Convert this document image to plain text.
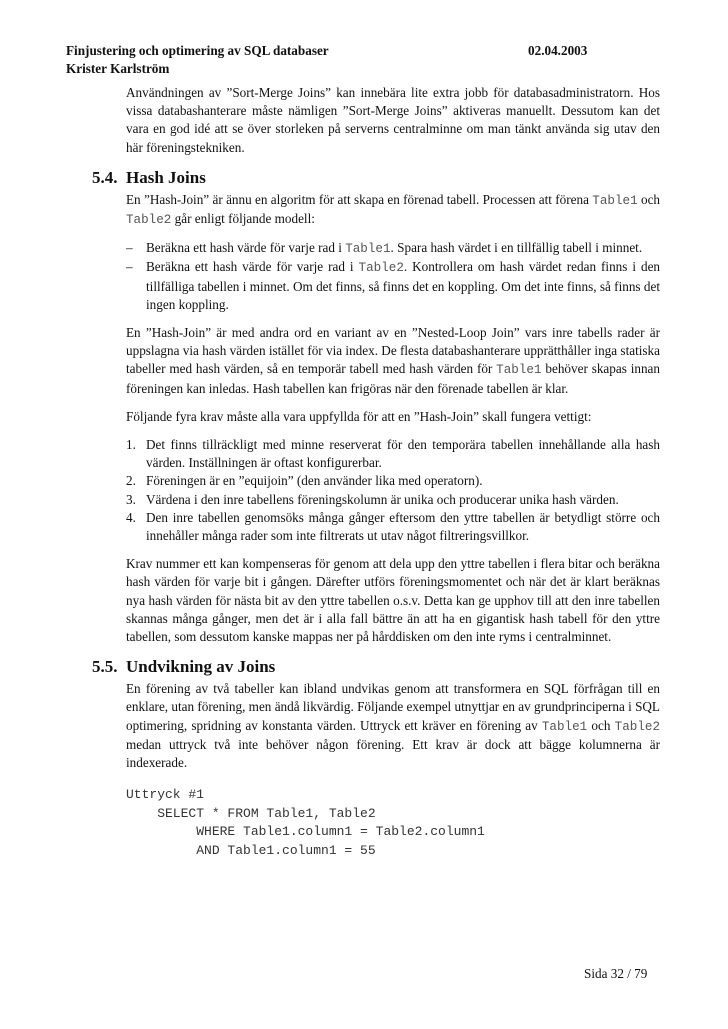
Finjustering och optimering av SQL databaser	02.04.2003
Krister Karlström

Användningen av ”Sort-Merge Joins” kan innebära lite extra jobb för databasadministratorn. Hos vissa databashanterare måste nämligen ”Sort-Merge Joins” aktiveras manuellt. Dessutom kan det vara en god idé att se över storleken på serverns centralminne om man tänkt använda sig utav den här föreningstekniken.

5.4. Hash Joins

En ”Hash-Join” är ännu en algoritm för att skapa en förenad tabell. Processen att förena Table1 och Table2 går enligt följande modell:

– Beräkna ett hash värde för varje rad i Table1. Spara hash värdet i en tillfällig tabell i minnet.
– Beräkna ett hash värde för varje rad i Table2. Kontrollera om hash värdet redan finns i den tillfälliga tabellen i minnet. Om det finns, så finns det en koppling. Om det inte finns, så finns det ingen koppling.

En ”Hash-Join” är med andra ord en variant av en ”Nested-Loop Join” vars inre tabells rader är uppslagna via hash värden istället för via index. De flesta databashanterare upprätthåller inga statiska tabeller med hash värden, så en temporär tabell med hash värden för Table1 behöver skapas innan föreningen kan inledas. Hash tabellen kan frigöras när den förenade tabellen är klar.

Följande fyra krav måste alla vara uppfyllda för att en ”Hash-Join” skall fungera vettigt:

1. Det finns tillräckligt med minne reserverat för den temporära tabellen innehållande alla hash värden. Inställningen är oftast konfigurerbar.
2. Föreningen är en ”equijoin” (den använder lika med operatorn).
3. Värdena i den inre tabellens föreningskolumn är unika och producerar unika hash värden.
4. Den inre tabellen genomsöks många gånger eftersom den yttre tabellen är betydligt större och innehåller många rader som inte filtrerats ut utav något filtreringsvillkor.

Krav nummer ett kan kompenseras för genom att dela upp den yttre tabellen i flera bitar och beräkna hash värden för varje bit i gången. Därefter utförs föreningsmomentet och när det är klart beräknas nya hash värden för nästa bit av den yttre tabellen o.s.v. Detta kan ge upphov till att den inre tabellen skannas många gånger, men det är i alla fall bättre än att ha en gigantisk hash tabell för den yttre tabellen, som dessutom kanske mappas ner på hårddisken om den inte ryms i centralminnet.

5.5. Undvikning av Joins

En förening av två tabeller kan ibland undvikas genom att transformera en SQL förfrågan till en enklare, utan förening, men ändå likvärdig. Följande exempel utnyttjar en av grundprinciperna i SQL optimering, spridning av konstanta värden. Uttryck ett kräver en förening av Table1 och Table2 medan uttryck två inte behöver någon förening. Ett krav är dock att bägge kolumnerna är indexerade.

Uttryck #1
SELECT * FROM Table1, Table2
WHERE Table1.column1 = Table2.column1
AND Table1.column1 = 55
Sida 32 / 79
